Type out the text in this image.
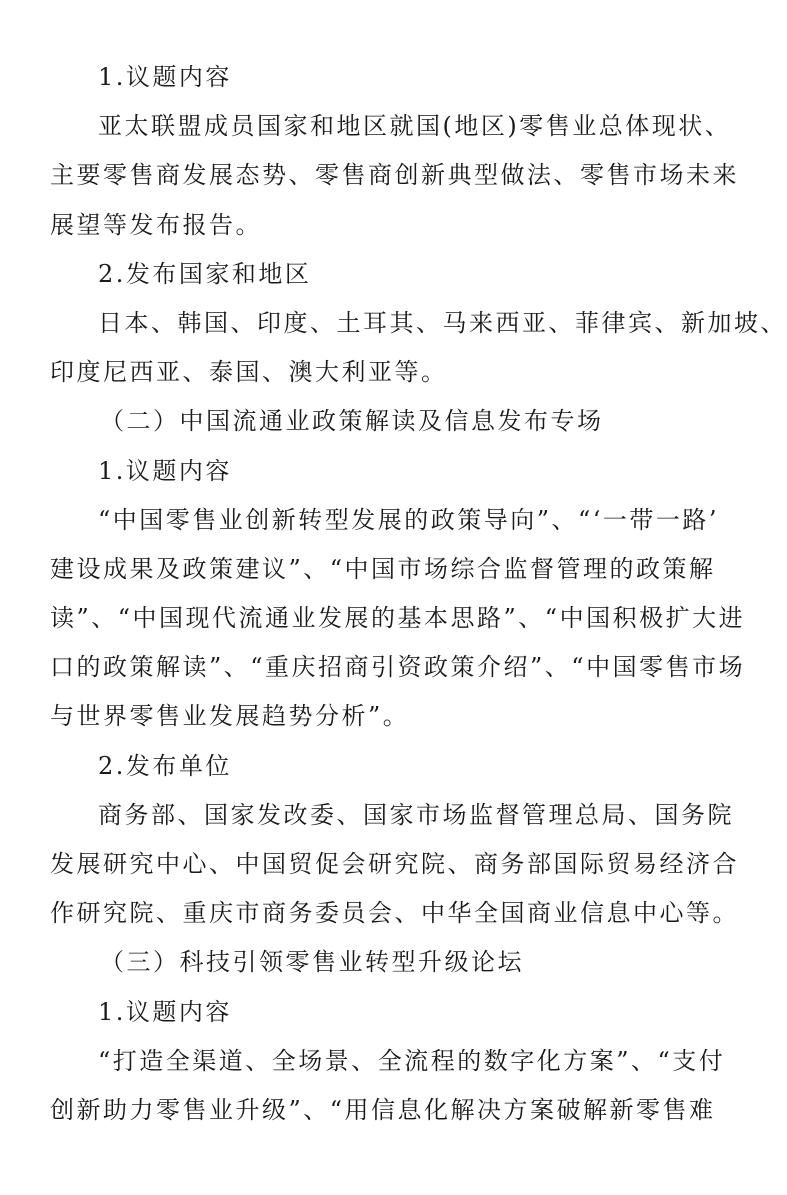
1.议题内容
亚太联盟成员国家和地区就国(地区)零售业总体现状、
主要零售商发展态势、零售商创新典型做法、零售市场未来
展望等发布报告。
2.发布国家和地区
日本、韩国、印度、土耳其、马来西亚、菲律宾、新加坡、
印度尼西亚、泰国、澳大利亚等。
（二）中国流通业政策解读及信息发布专场
1.议题内容
“中国零售业创新转型发展的政策导向”、“‘一带一路’
建设成果及政策建议”、“中国市场综合监督管理的政策解
读”、“中国现代流通业发展的基本思路”、“中国积极扩大进
口的政策解读”、“重庆招商引资政策介绍”、“中国零售市场
与世界零售业发展趋势分析”。
2.发布单位
商务部、国家发改委、国家市场监督管理总局、国务院
发展研究中心、中国贸促会研究院、商务部国际贸易经济合
作研究院、重庆市商务委员会、中华全国商业信息中心等。
（三）科技引领零售业转型升级论坛
1.议题内容
“打造全渠道、全场景、全流程的数字化方案”、“支付
创新助力零售业升级”、“用信息化解决方案破解新零售难
